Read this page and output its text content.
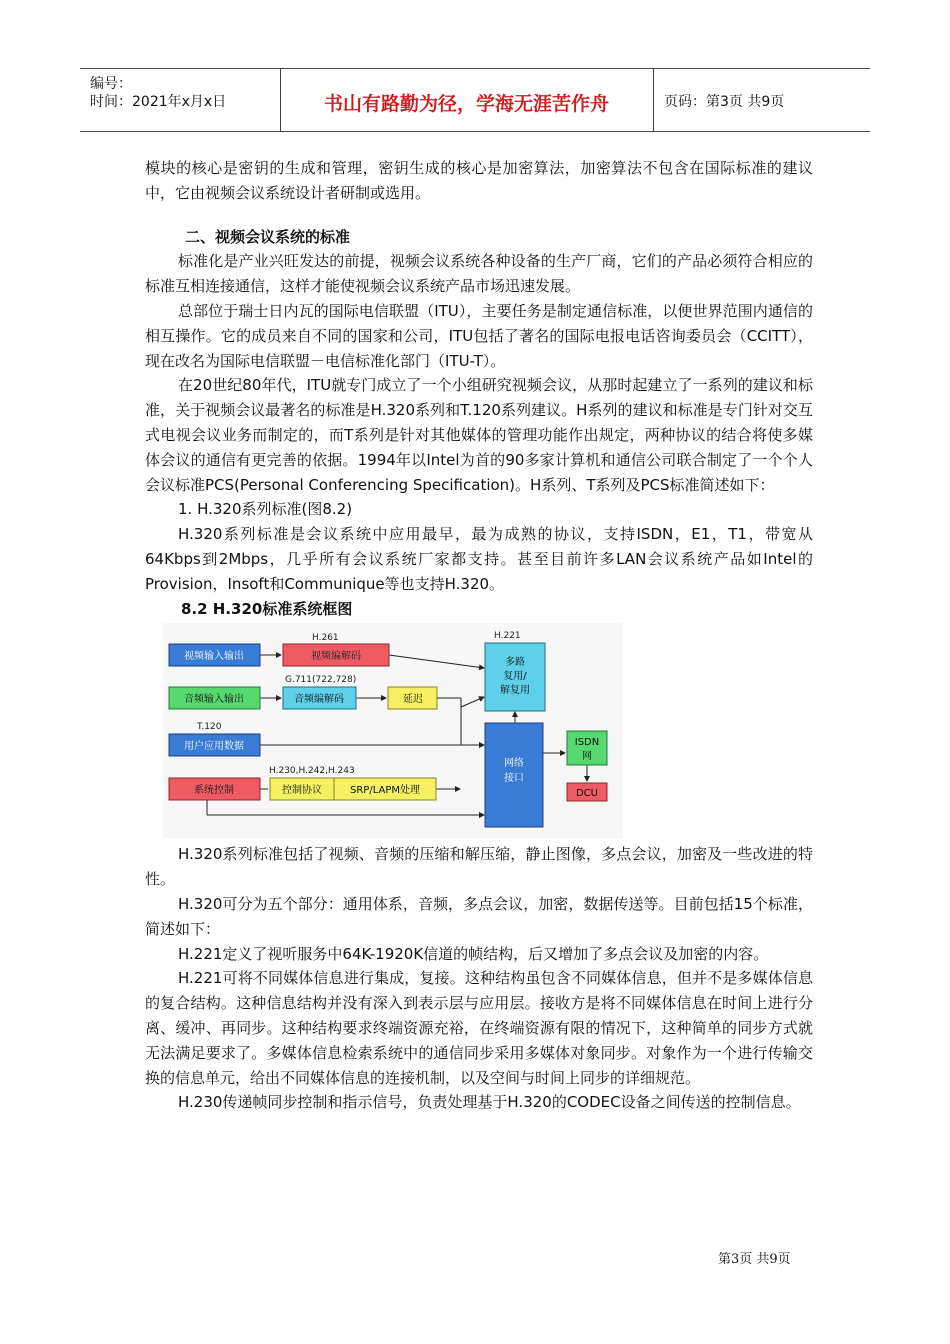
编号：
时间：2021年x月x日	书山有路勤为径，学海无涯苦作舟	页码：第3页 共9页

模块的核心是密钥的生成和管理，密钥生成的核心是加密算法，加密算法不包含在国际标准的建议中，它由视频会议系统设计者研制或选用。

二、视频会议系统的标准

标准化是产业兴旺发达的前提，视频会议系统各种设备的生产厂商，它们的产品必须符合相应的标准互相连接通信，这样才能使视频会议系统产品市场迅速发展。

总部位于瑞士日内瓦的国际电信联盟（ITU），主要任务是制定通信标准，以便世界范围内通信的相互操作。它的成员来自不同的国家和公司，ITU包括了著名的国际电报电话咨询委员会（CCITT），现在改名为国际电信联盟－电信标准化部门（ITU-T）。

在20世纪80年代，ITU就专门成立了一个小组研究视频会议，从那时起建立了一系列的建议和标准，关于视频会议最著名的标准是H.320系列和T.120系列建议。H系列的建议和标准是专门针对交互式电视会议业务而制定的，而T系列是针对其他媒体的管理功能作出规定，两种协议的结合将使多媒体会议的通信有更完善的依据。1994年以Intel为首的90多家计算机和通信公司联合制定了一个个人会议标准PCS(Personal Conferencing Specification)。H系列、T系列及PCS标准简述如下：

1. H.320系列标准(图8.2)

H.320系列标准是会议系统中应用最早，最为成熟的协议，支持ISDN，E1，T1，带宽从64Kbps到2Mbps，几乎所有会议系统厂家都支持。甚至目前许多LAN会议系统产品如Intel的　　Provision，Insoft和Communique等也支持H.320。

8.2 H.320标准系统框图

视频输入输出	视频编解码
H.261
音频输入输出	音频编解码
G.711(722,728)
延迟
用户应用数据
T.120
系统控制	控制协议	SRP/LAPM处理
H.230,H.242,H.243
多路
复用/
解复用
H.221
网络
接口
ISDN
网
DCU

H.320系列标准包括了视频、音频的压缩和解压缩，静止图像，多点会议，加密及一些改进的特性。

H.320可分为五个部分：通用体系，音频，多点会议，加密，数据传送等。目前包括15个标准，简述如下：

H.221定义了视听服务中64K-1920K信道的帧结构，后又增加了多点会议及加密的内容。

H.221可将不同媒体信息进行集成，复接。这种结构虽包含不同媒体信息，但并不是多媒体信息的复合结构。这种信息结构并没有深入到表示层与应用层。接收方是将不同媒体信息在时间上进行分离、缓冲、再同步。这种结构要求终端资源充裕，在终端资源有限的情况下，这种简单的同步方式就无法满足要求了。多媒体信息检索系统中的通信同步采用多媒体对象同步。对象作为一个进行传输交换的信息单元，给出不同媒体信息的连接机制，以及空间与时间上同步的详细规范。

H.230传递帧同步控制和指示信号，负责处理基于H.320的CODEC设备之间传送的控制信息。

第3页 共9页
